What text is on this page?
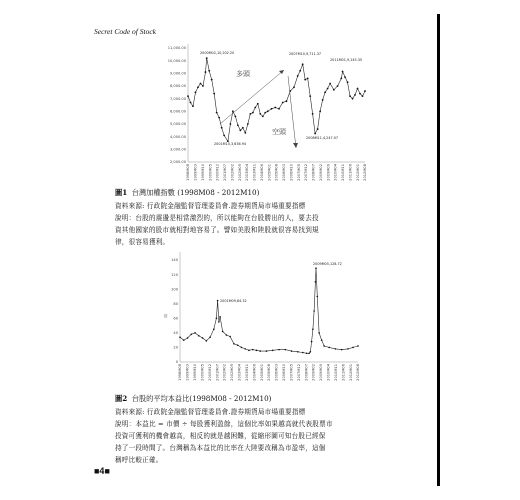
Secret Code of Stock
2,000.00
3,000.00
4,000.00
5,000.00
6,000.00
7,000.00
8,000.00
9,000.00
10,000.00
11,000.00
1998M08 1999M03 1999M10 2000M05 2000M12 2001M07 2002M02 2002M09 2003M04 2003M11 2004M06 2005M01 2005M08 2006M03 2006M10 2007M05 2007M12 2008M07 2009M02 2009M09 2010M04 2010M11 2011M06 2012M01 2012M08
2000M02,10,202.20
2001M10,3,636.94
2007M10,9,711.37
2008M11,4,247.07
2011M01,9,145.35
多頭
空頭
圖1 台灣加權指數 (1998M08 - 2012M10)
資料來源: 行政院金融監督管理委員會.證券期貨局市場重要指標
說明：台股的震盪是相當激烈的，所以能夠在台股勝出的人，要去投
資其他國家的股市就相對地容易了。譬如美股和陸股就很容易找到規
律，很容易獲利。
0
20
40
60
80
100
120
140
倍
1998M08 1999M03 1999M10 2000M05 2000M12 2001M07 2002M02 2002M09 2003M04 2003M11 2004M06 2005M01 2005M08 2006M03 2006M10 2007M05 2007M12 2008M07 2009M02 2009M09 2010M04 2010M11 2011M06 2012M01 2012M08
2001M09,84.32
2009M05,128.72
圖2 台股的平均本益比(1998M08 - 2012M10)
資料來源: 行政院金融監督管理委員會.證券期貨局市場重要指標
說明：本益比 = 市價 ÷ 每股獲利盈餘，這個比率如果越高就代表股票市
投資可獲利的機會越高，相反的就是越困難，從縮形圖可知台股已經保
持了一段時間了。台灣稱為本益比的比率在大陸要改稱為市盈率，這個
稱呼比較正確。
■4■
